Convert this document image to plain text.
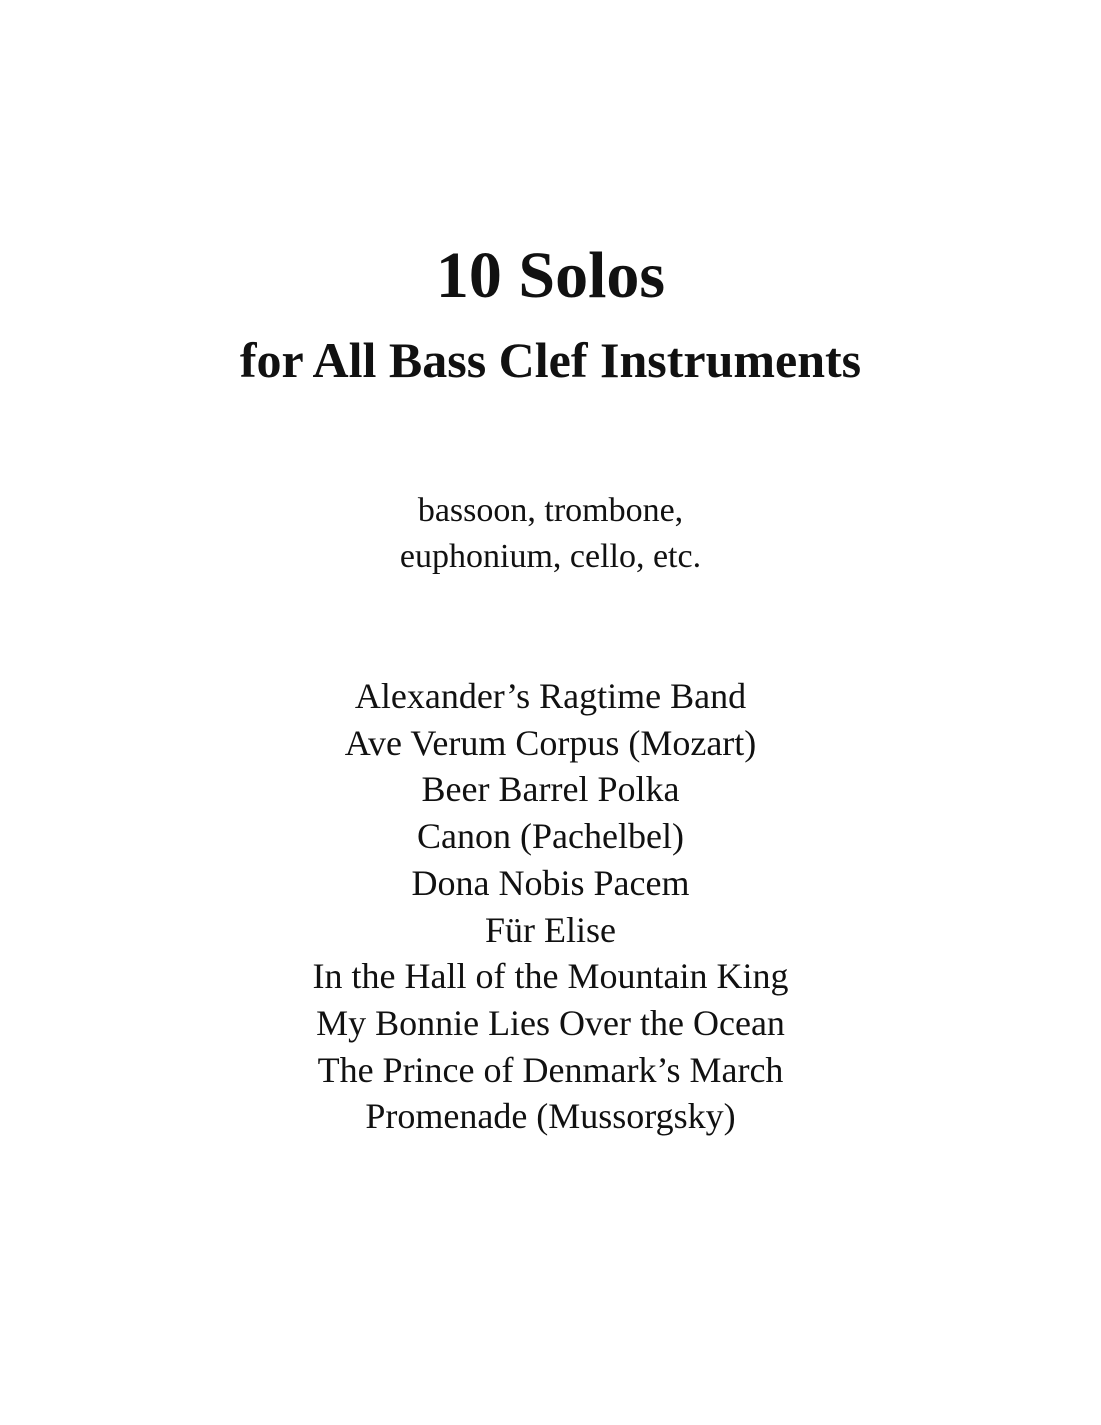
10 Solos
for All Bass Clef Instruments
bassoon, trombone,
euphonium, cello, etc.
Alexander’s Ragtime Band
Ave Verum Corpus (Mozart)
Beer Barrel Polka
Canon (Pachelbel)
Dona Nobis Pacem
Für Elise
In the Hall of the Mountain King
My Bonnie Lies Over the Ocean
The Prince of Denmark’s March
Promenade (Mussorgsky)
